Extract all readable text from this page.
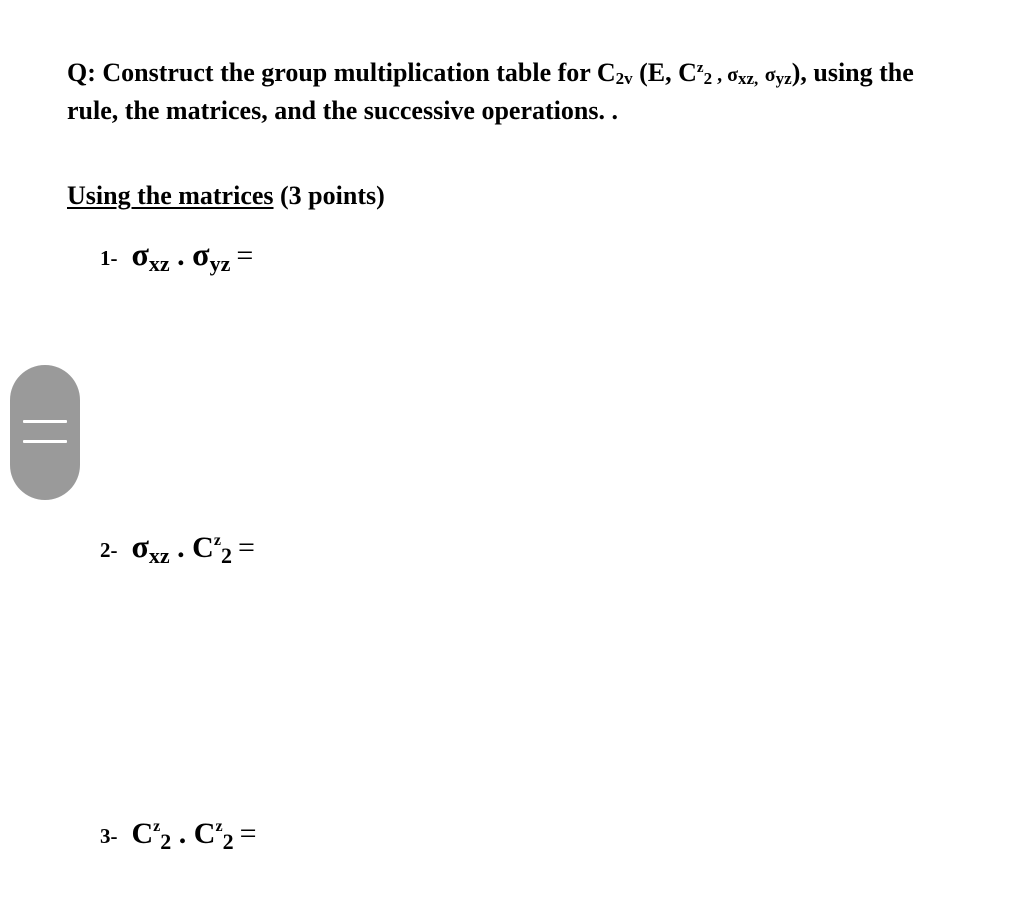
Q: Construct the group multiplication table for $C_{2v}$ (E, $C^z_2$ , $\sigma_{xz,}$ $\sigma_{yz}$), using the
rule, the matrices, and the successive operations. .
Using the matrices (3 points)
1- $\sigma_{xz}$ . $\sigma_{yz}$ =
2- $\sigma_{xz}$ . $C^z_2$ =
3- $C^z_2$ . $C^z_2$ =
